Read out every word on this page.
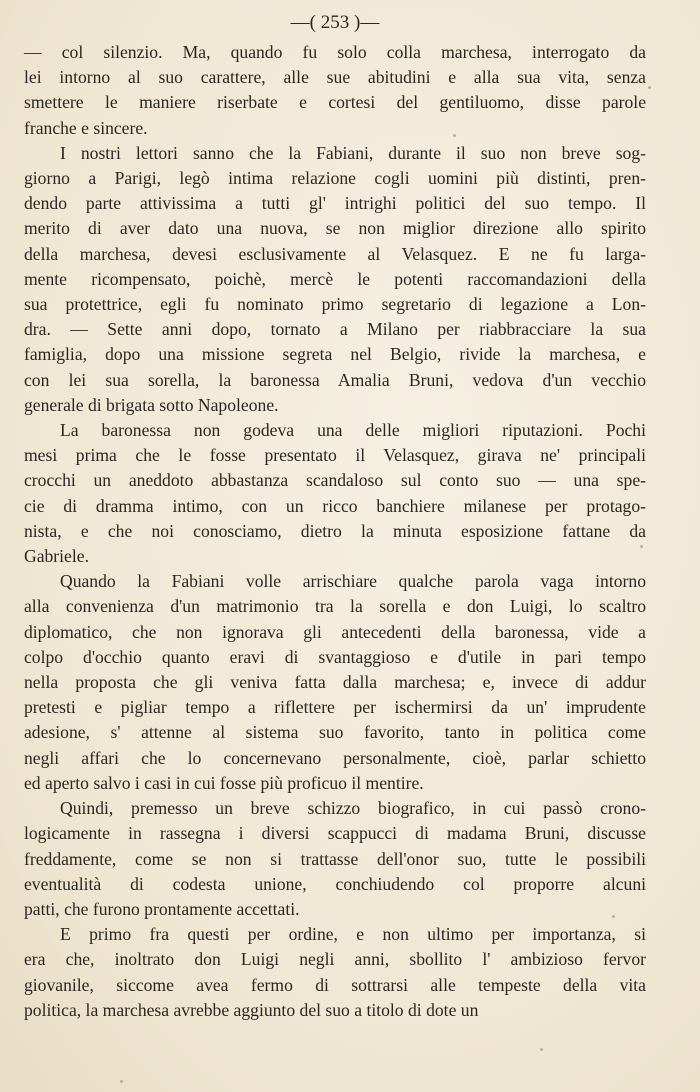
—( 253 )—
— col silenzio. Ma, quando fu solo colla marchesa, interrogato da
lei intorno al suo carattere, alle sue abitudini e alla sua vita, senza
smettere le maniere riserbate e cortesi del gentiluomo, disse parole
franche e sincere.
I nostri lettori sanno che la Fabiani, durante il suo non breve sog-
giorno a Parigi, legò intima relazione cogli uomini più distinti, pren-
dendo parte attivissima a tutti gl' intrighi politici del suo tempo. Il
merito di aver dato una nuova, se non miglior direzione allo spirito
della marchesa, devesi esclusivamente al Velasquez. E ne fu larga-
mente ricompensato, poichè, mercè le potenti raccomandazioni della
sua protettrice, egli fu nominato primo segretario di legazione a Lon-
dra. — Sette anni dopo, tornato a Milano per riabbracciare la sua
famiglia, dopo una missione segreta nel Belgio, rivide la marchesa, e
con lei sua sorella, la baronessa Amalia Bruni, vedova d'un vecchio
generale di brigata sotto Napoleone.
La baronessa non godeva una delle migliori riputazioni. Pochi
mesi prima che le fosse presentato il Velasquez, girava ne' principali
crocchi un aneddoto abbastanza scandaloso sul conto suo — una spe-
cie di dramma intimo, con un ricco banchiere milanese per protago-
nista, e che noi conosciamo, dietro la minuta esposizione fattane da
Gabriele.
Quando la Fabiani volle arrischiare qualche parola vaga intorno
alla convenienza d'un matrimonio tra la sorella e don Luigi, lo scaltro
diplomatico, che non ignorava gli antecedenti della baronessa, vide a
colpo d'occhio quanto eravi di svantaggioso e d'utile in pari tempo
nella proposta che gli veniva fatta dalla marchesa; e, invece di addur
pretesti e pigliar tempo a riflettere per ischermirsi da un' imprudente
adesione, s' attenne al sistema suo favorito, tanto in politica come
negli affari che lo concernevano personalmente, cioè, parlar schietto
ed aperto salvo i casi in cui fosse più proficuo il mentire.
Quindi, premesso un breve schizzo biografico, in cui passò crono-
logicamente in rassegna i diversi scappucci di madama Bruni, discusse
freddamente, come se non si trattasse dell'onor suo, tutte le possibili
eventualità di codesta unione, conchiudendo col proporre alcuni
patti, che furono prontamente accettati.
E primo fra questi per ordine, e non ultimo per importanza, si
era che, inoltrato don Luigi negli anni, sbollito l' ambizioso fervor
giovanile, siccome avea fermo di sottrarsi alle tempeste della vita
politica, la marchesa avrebbe aggiunto del suo a titolo di dote un
